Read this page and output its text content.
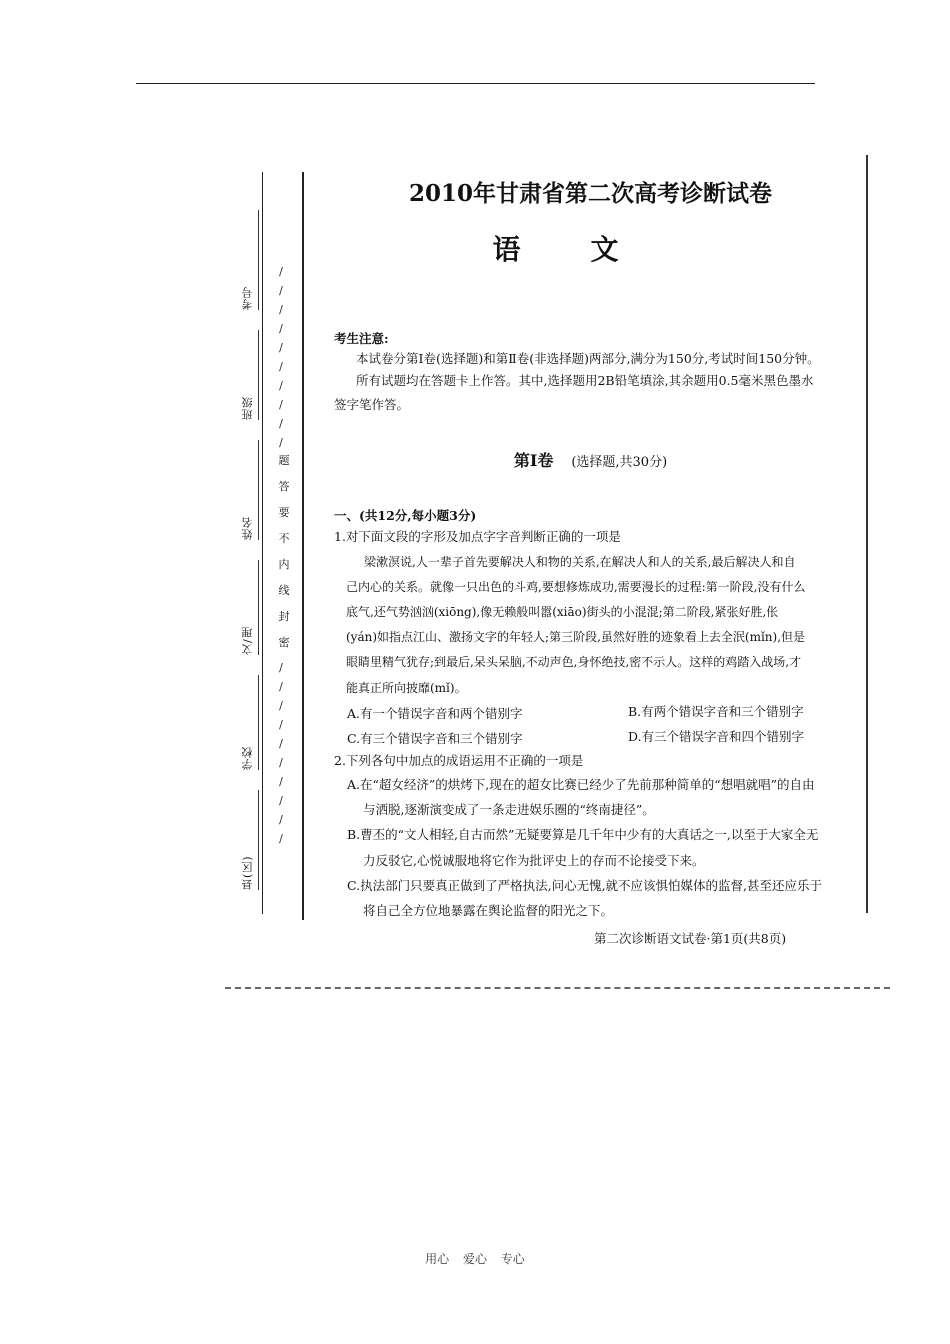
考号
班级
姓名
文/理
学校
县(区)
/
/
/
/
/
/
/
/
/
/
题
答
要
不
内
线
封
密
/
/
/
/
/
/
/
/
/
/
2010年甘肃省第二次高考诊断试卷
语文
考生注意:
本试卷分第Ⅰ卷(选择题)和第Ⅱ卷(非选择题)两部分,满分为150分,考试时间150分钟。
所有试题均在答题卡上作答。其中,选择题用2B铅笔填涂,其余题用0.5毫米黑色墨水
签字笔作答。
第Ⅰ卷 (选择题,共30分)
一、(共12分,每小题3分)
1.对下面文段的字形及加点字字音判断正确的一项是
梁漱溟说,人一辈子首先要解决人和物的关系,在解决人和人的关系,最后解决人和自
己内心的关系。就像一只出色的斗鸡,要想修炼成功,需要漫长的过程:第一阶段,没有什么
底气,还气势汹汹(xiōng),像无赖般叫嚣(xiāo)街头的小混混;第二阶段,紧张好胜,伥
(yán)如指点江山、激扬文字的年轻人;第三阶段,虽然好胜的迹象看上去全泯(mǐn),但是
眼睛里精气犹存;到最后,呆头呆脑,不动声色,身怀绝技,密不示人。这样的鸡踏入战场,才
能真正所向披靡(mǐ)。
A.有一个错误字音和两个错别字	B.有两个错误字音和三个错别字
C.有三个错误字音和三个错别字	D.有三个错误字音和四个错别字
2.下列各句中加点的成语运用不正确的一项是
A.在“超女经济”的烘烤下,现在的超女比赛已经少了先前那种简单的“想唱就唱”的自由
与洒脱,逐渐演变成了一条走进娱乐圈的“终南捷径”。
B.曹丕的“文人相轻,自古而然”无疑要算是几千年中少有的大真话之一,以至于大家全无
力反驳它,心悦诚服地将它作为批评史上的存而不论接受下来。
C.执法部门只要真正做到了严格执法,问心无愧,就不应该惧怕媒体的监督,甚至还应乐于
将自己全方位地暴露在舆论监督的阳光之下。
第二次诊断语文试卷·第1页(共8页)
用心 爱心 专心
